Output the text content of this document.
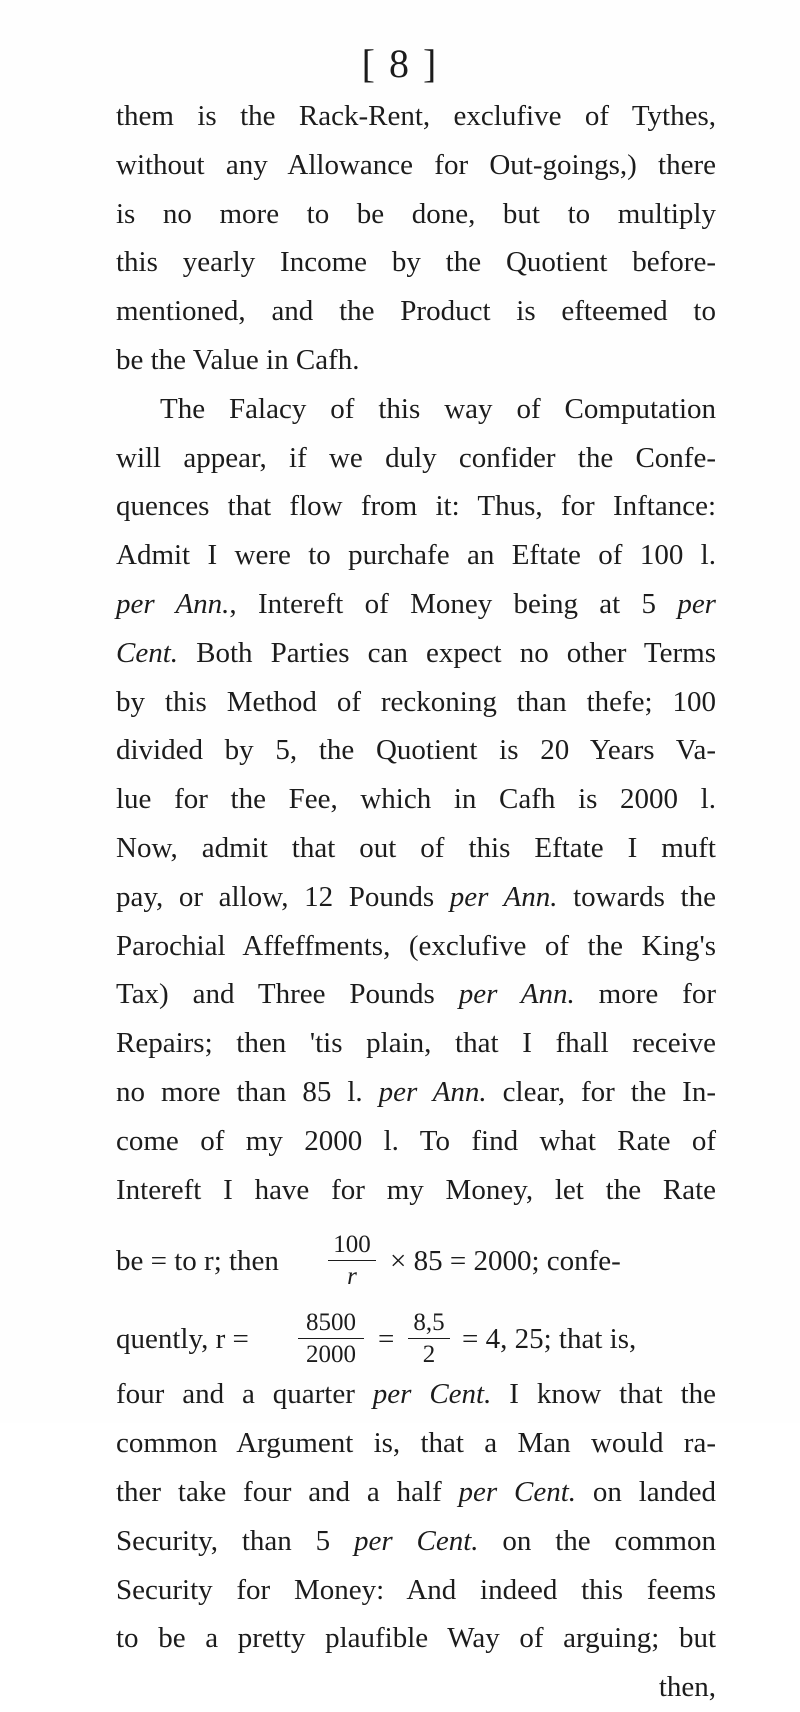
[ 8 ]
them is the Rack-Rent, exclufive of Tythes,
without any Allowance for Out-goings,) there
is no more to be done, but to multiply
this yearly Income by the Quotient before-
mentioned, and the Product is efteemed to
be the Value in Cafh.
The Falacy of this way of Computation
will appear, if we duly confider the Confe-
quences that flow from it: Thus, for Inftance:
Admit I were to purchafe an Eftate of 100 l.
per Ann., Intereft of Money being at 5 per
Cent. Both Parties can expect no other Terms
by this Method of reckoning than thefe; 100
divided by 5, the Quotient is 20 Years Va-
lue for the Fee, which in Cafh is 2000 l.
Now, admit that out of this Eftate I muft
pay, or allow, 12 Pounds per Ann. towards the
Parochial Affeffments, (exclufive of the King's
Tax) and Three Pounds per Ann. more for
Repairs; then 'tis plain, that I fhall receive
no more than 85 l. per Ann. clear, for the In-
come of my 2000 l. To find what Rate of
Intereft I have for my Money, let the Rate
be = to r; then
100
r	× 85 = 2000; confe-
quently, r =
8500
2000 =
8,5
2 = 4, 25; that is,
four and a quarter per Cent. I know that the
common Argument is, that a Man would ra-
ther take four and a half per Cent. on landed
Security, than 5 per Cent. on the common
Security for Money: And indeed this feems
to be a pretty plaufible Way of arguing; but
then,
